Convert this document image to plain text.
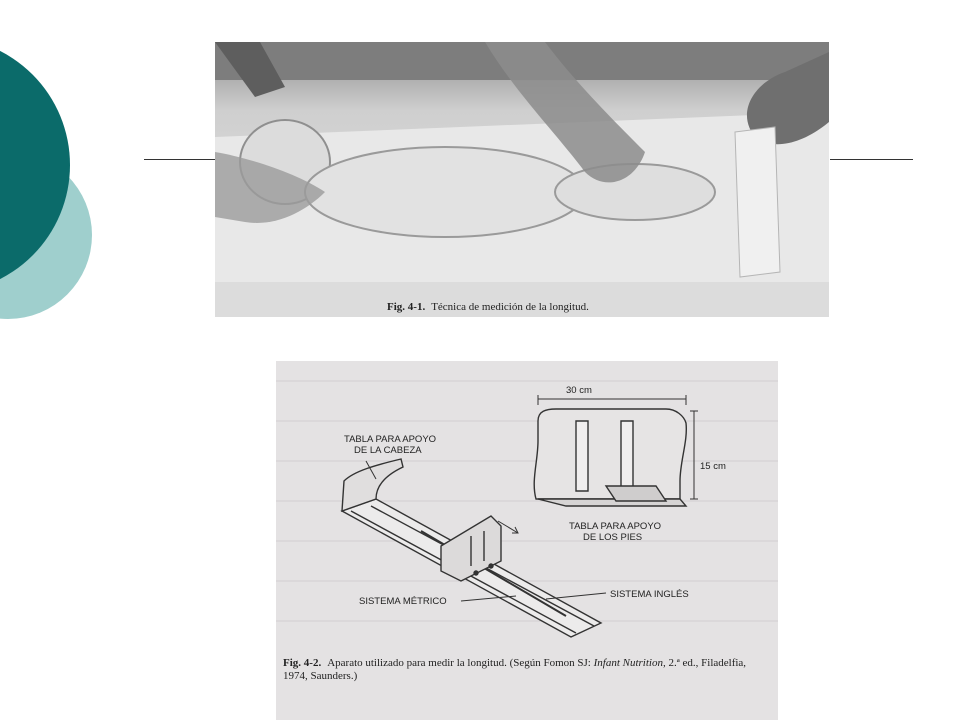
Fig. 4-1. Técnica de medición de la longitud.
TABLA PARA APOYO
DE LA CABEZA
30 cm
15 cm
TABLA PARA APOYO
DE LOS PIES
SISTEMA MÉTRICO
SISTEMA INGLÉS
Fig. 4-2. Aparato utilizado para medir la longitud. (Según Fomon SJ: Infant Nutrition, 2.ª ed., Filadelfia, 1974, Saunders.)
